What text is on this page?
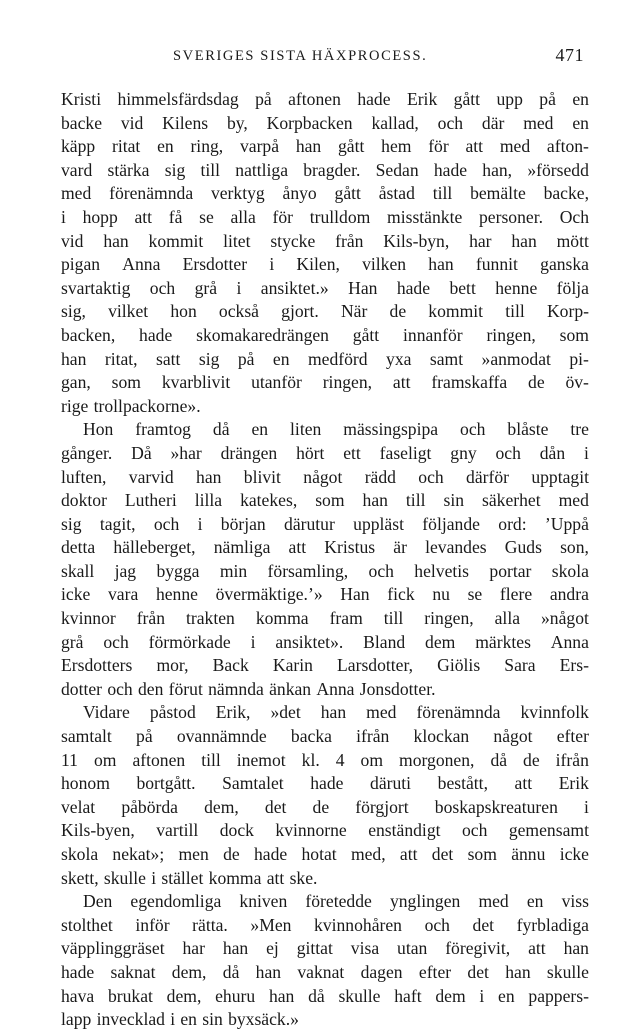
SVERIGES SISTA HÄXPROCESS.	471
Kristi himmelsfärdsdag på aftonen hade Erik gått upp på en
backe vid Kilens by, Korpbacken kallad, och där med en
käpp ritat en ring, varpå han gått hem för att med afton-
vard stärka sig till nattliga bragder. Sedan hade han, »försedd
med förenämnda verktyg ånyo gått åstad till bemälte backe,
i hopp att få se alla för trulldom misstänkte personer. Och
vid han kommit litet stycke från Kils-byn, har han mött
pigan Anna Ersdotter i Kilen, vilken han funnit ganska
svartaktig och grå i ansiktet.» Han hade bett henne följa
sig, vilket hon också gjort. När de kommit till Korp-
backen, hade skomakaredrängen gått innanför ringen, som
han ritat, satt sig på en medförd yxa samt »anmodat pi-
gan, som kvarblivit utanför ringen, att framskaffa de öv-
rige trollpackorne».
Hon framtog då en liten mässingspipa och blåste tre
gånger. Då »har drängen hört ett faseligt gny och dån i
luften, varvid han blivit något rädd och därför upptagit
doktor Lutheri lilla katekes, som han till sin säkerhet med
sig tagit, och i början därutur uppläst följande ord: ’Uppå
detta hälleberget, nämliga att Kristus är levandes Guds son,
skall jag bygga min församling, och helvetis portar skola
icke vara henne övermäktige.’» Han fick nu se flere andra
kvinnor från trakten komma fram till ringen, alla »något
grå och förmörkade i ansiktet». Bland dem märktes Anna
Ersdotters mor, Back Karin Larsdotter, Giölis Sara Ers-
dotter och den förut nämnda änkan Anna Jonsdotter.
Vidare påstod Erik, »det han med förenämnda kvinnfolk
samtalt på ovannämnde backa ifrån klockan något efter
11 om aftonen till inemot kl. 4 om morgonen, då de ifrån
honom bortgått. Samtalet hade däruti bestått, att Erik
velat påbörda dem, det de förgjort boskapskreaturen i
Kils-byen, vartill dock kvinnorne enständigt och gemensamt
skola nekat»; men de hade hotat med, att det som ännu icke
skett, skulle i stället komma att ske.
Den egendomliga kniven företedde ynglingen med en viss
stolthet inför rätta. »Men kvinnohåren och det fyrbladiga
väpplinggräset har han ej gittat visa utan föregivit, att han
hade saknat dem, då han vaknat dagen efter det han skulle
hava brukat dem, ehuru han då skulle haft dem i en pappers-
lapp invecklad i en sin byxsäck.»
